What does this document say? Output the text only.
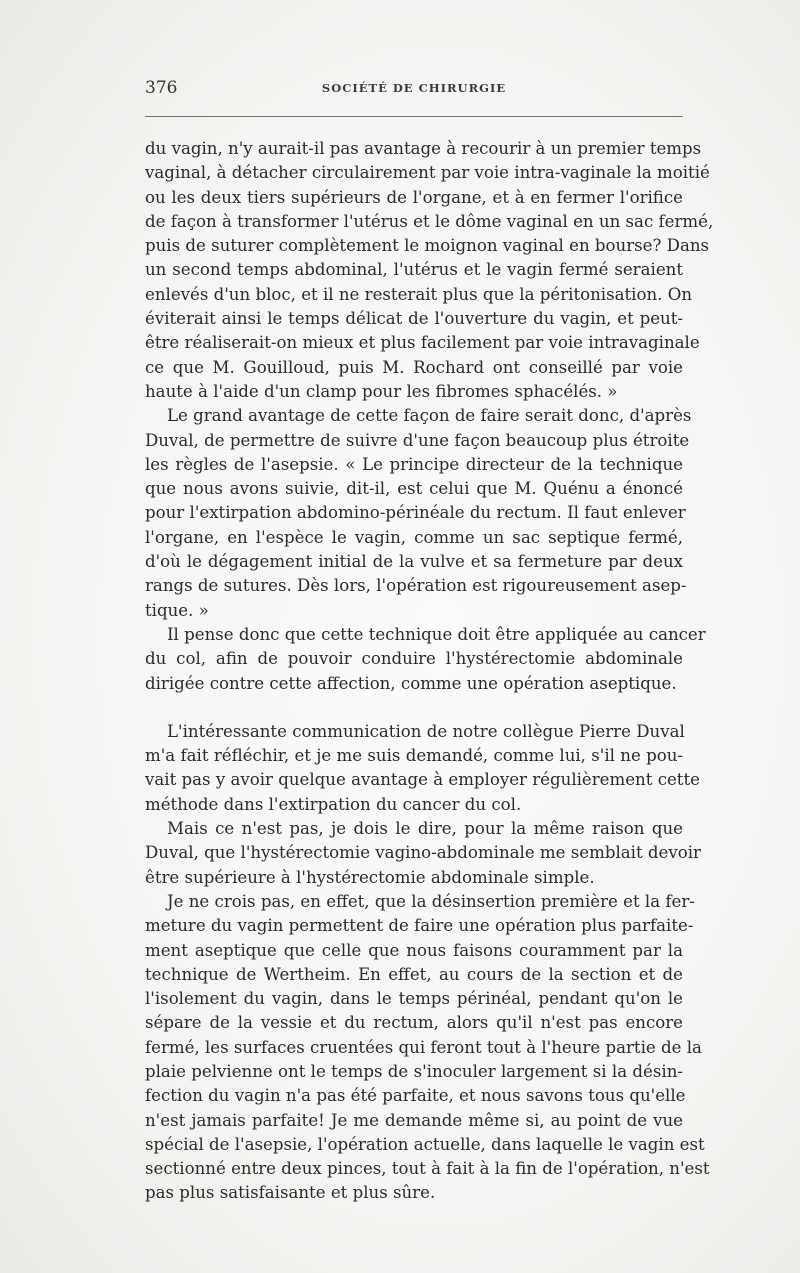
376	SOCIÉTÉ DE CHIRURGIE

du vagin, n'y aurait-il pas avantage à recourir à un premier temps
vaginal, à détacher circulairement par voie intra-vaginale la moitié
ou les deux tiers supérieurs de l'organe, et à en fermer l'orifice
de façon à transformer l'utérus et le dôme vaginal en un sac fermé,
puis de suturer complètement le moignon vaginal en bourse? Dans
un second temps abdominal, l'utérus et le vagin fermé seraient
enlevés d'un bloc, et il ne resterait plus que la péritonisation. On
éviterait ainsi le temps délicat de l'ouverture du vagin, et peut-
être réaliserait-on mieux et plus facilement par voie intravaginale
ce que M. Gouilloud, puis M. Rochard ont conseillé par voie
haute à l'aide d'un clamp pour les fibromes sphacélés. »

Le grand avantage de cette façon de faire serait donc, d'après
Duval, de permettre de suivre d'une façon beaucoup plus étroite
les règles de l'asepsie. « Le principe directeur de la technique
que nous avons suivie, dit-il, est celui que M. Quénu a énoncé
pour l'extirpation abdomino-périnéale du rectum. Il faut enlever
l'organe, en l'espèce le vagin, comme un sac septique fermé,
d'où le dégagement initial de la vulve et sa fermeture par deux
rangs de sutures. Dès lors, l'opération est rigoureusement asep-
tique. »

Il pense donc que cette technique doit être appliquée au cancer
du col, afin de pouvoir conduire l'hystérectomie abdominale
dirigée contre cette affection, comme une opération aseptique.

L'intéressante communication de notre collègue Pierre Duval
m'a fait réfléchir, et je me suis demandé, comme lui, s'il ne pou-
vait pas y avoir quelque avantage à employer régulièrement cette
méthode dans l'extirpation du cancer du col.

Mais ce n'est pas, je dois le dire, pour la même raison que
Duval, que l'hystérectomie vagino-abdominale me semblait devoir
être supérieure à l'hystérectomie abdominale simple.

Je ne crois pas, en effet, que la désinsertion première et la fer-
meture du vagin permettent de faire une opération plus parfaite-
ment aseptique que celle que nous faisons couramment par la
technique de Wertheim. En effet, au cours de la section et de
l'isolement du vagin, dans le temps périnéal, pendant qu'on le
sépare de la vessie et du rectum, alors qu'il n'est pas encore
fermé, les surfaces cruentées qui feront tout à l'heure partie de la
plaie pelvienne ont le temps de s'inoculer largement si la désin-
fection du vagin n'a pas été parfaite, et nous savons tous qu'elle
n'est jamais parfaite! Je me demande même si, au point de vue
spécial de l'asepsie, l'opération actuelle, dans laquelle le vagin est
sectionné entre deux pinces, tout à fait à la fin de l'opération, n'est
pas plus satisfaisante et plus sûre.
